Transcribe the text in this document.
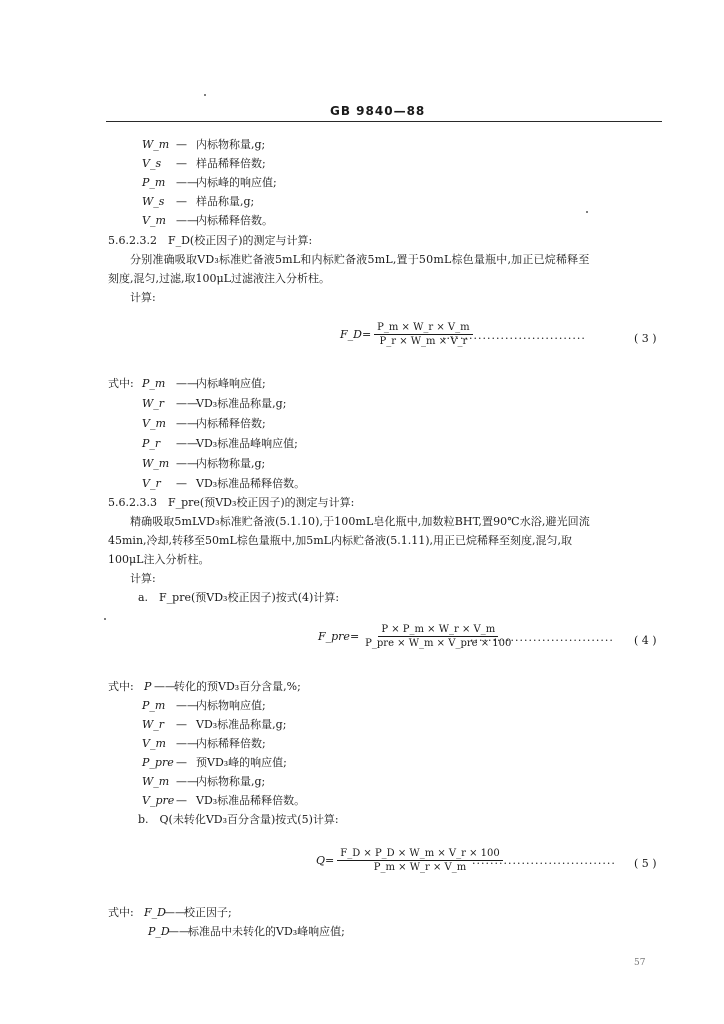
GB 9840—88
W_m — 内标物称量,g;
V_s — 样品稀释倍数;
P_m ——内标峰的响应值;
W_s — 样品称量,g;
V_m ——内标稀释倍数。
5.6.2.3.2　F_D(校正因子)的测定与计算:
分别准确吸取VD₃标准贮备液5mL和内标贮备液5mL,置于50mL棕色量瓶中,加正已烷稀释至
刻度,混匀,过滤,取100μL过滤液注入分析柱。
计算:
F_D= $\frac{P\_m \times W\_r \times V\_m}{P\_r \times W\_m \times V\_r}$
································	( 3 )
式中: P_m ——内标峰响应值;
W_r ——VD₃标准品称量,g;
V_m ——内标稀释倍数;
P_r ——VD₃标准品峰响应值;
W_m ——内标物称量,g;
V_r — VD₃标准品稀释倍数。
5.6.2.3.3　F_pre(预VD₃校正因子)的测定与计算:
精确吸取5mLVD₃标准贮备液(5.1.10),于100mL皂化瓶中,加数粒BHT,置90℃水浴,避光回流
45min,冷却,转移至50mL棕色量瓶中,加5mL内标贮备液(5.1.11),用正已烷稀释至刻度,混匀,取
100μL注入分析柱。
计算:
a.　F_pre(预VD₃校正因子)按式(4)计算:
F_pre= $\frac{P \times P\_m \times W\_r \times V\_m}{\text{P\_pre × W\_m × V\_pre × 100}}$
································ ( 4 )
式中: P ——转化的预VD₃百分含量,%;
P_m ——内标物响应值;
W_r — VD₃标准品称量,g;
V_m ——内标稀释倍数;
P_pre — 预VD₃峰的响应值;
W_m ——内标物称量,g;
V_pre — VD₃标准品稀释倍数。
b.　Q(未转化VD₃百分含量)按式(5)计算:
$Q= \frac{F\_D \times P\_D \times W\_m \times V\_r \times 100}{P\_m \times W\_r \times V\_m}$
································ ( 5 )
式中: F_D——校正因子;
P_D——标准品中未转化的VD₃峰响应值;
57
